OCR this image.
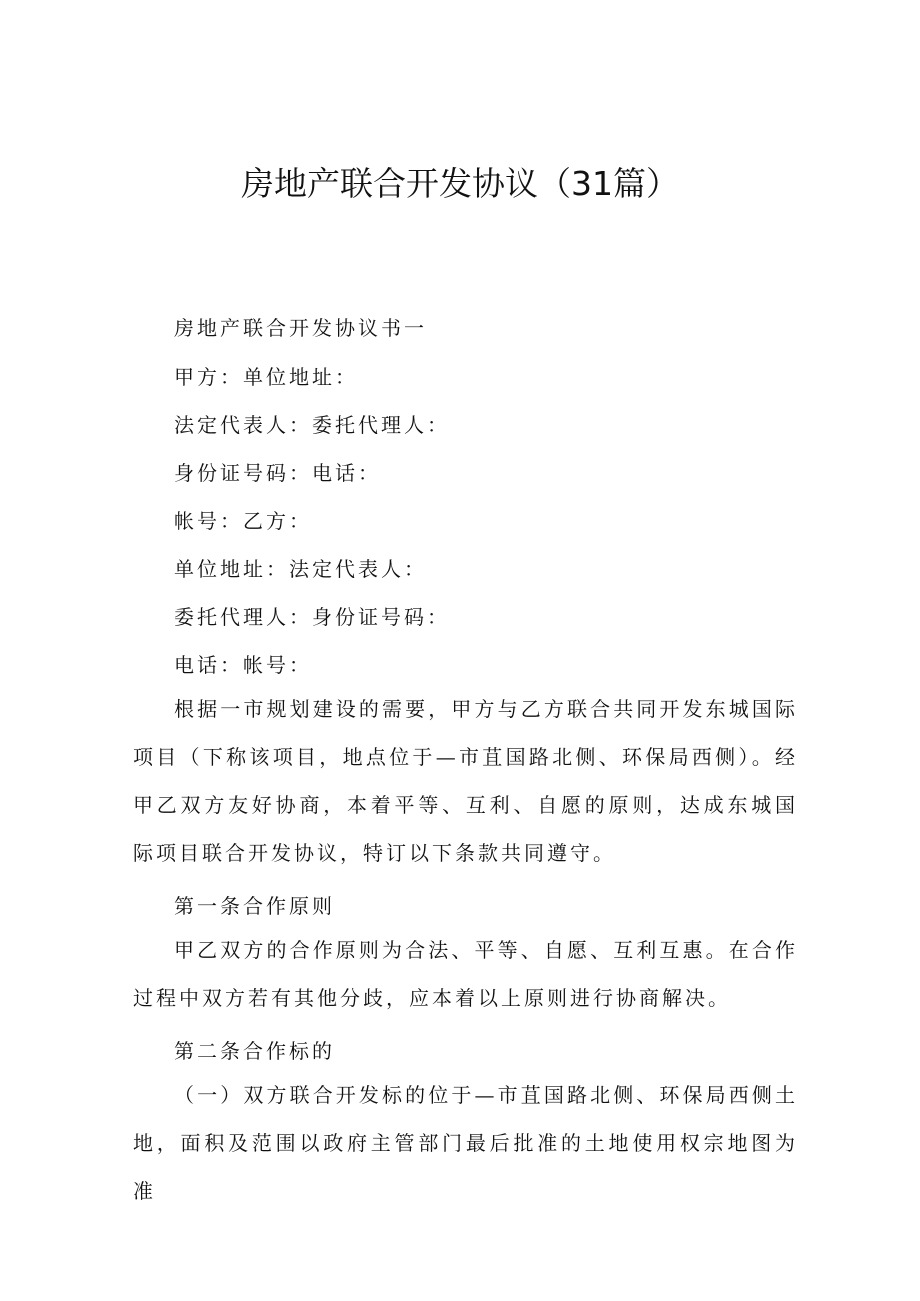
房地产联合开发协议（31篇）
房地产联合开发协议书一
甲方：单位地址：
法定代表人：委托代理人：
身份证号码：电话：
帐号：乙方：
单位地址：法定代表人：
委托代理人：身份证号码：
电话：帐号：
根据一市规划建设的需要，甲方与乙方联合共同开发东城国际项目（下称该项目，地点位于—市苴国路北侧、环保局西侧）。经甲乙双方友好协商，本着平等、互利、自愿的原则，达成东城国际项目联合开发协议，特订以下条款共同遵守。
第一条合作原则
甲乙双方的合作原则为合法、平等、自愿、互利互惠。在合作过程中双方若有其他分歧，应本着以上原则进行协商解决。
第二条合作标的
（一）双方联合开发标的位于—市苴国路北侧、环保局西侧土地，面积及范围以政府主管部门最后批准的土地使用权宗地图为准
